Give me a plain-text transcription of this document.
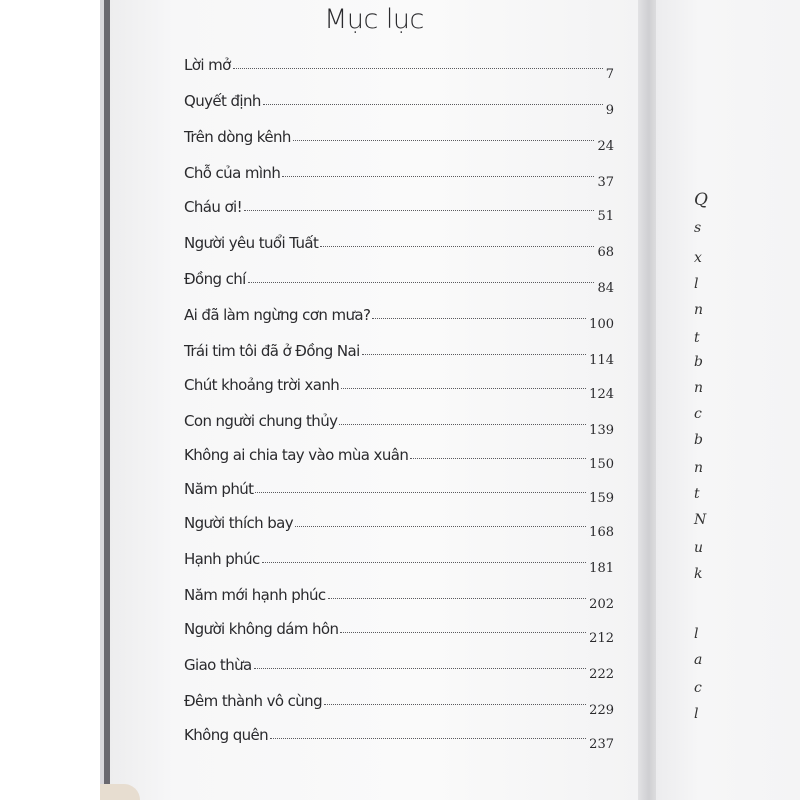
Mục lục
Lời mở
7
Quyết định
9
Trên dòng kênh
24
Chỗ của mình
37
Cháu ơi!
51
Người yêu tuổi Tuất
68
Đồng chí
84
Ai đã làm ngừng cơn mưa?
100
Trái tim tôi đã ở Đồng Nai
114
Chút khoảng trời xanh
124
Con người chung thủy
139
Không ai chia tay vào mùa xuân
150
Năm phút
159
Người thích bay
168
Hạnh phúc
181
Năm mới hạnh phúc
202
Người không dám hôn
212
Giao thừa
222
Đêm thành vô cùng
229
Không quên
237
Q
s
x
l
n
t
b
n
c
b
n
t
N
u
k
l
a
c
l
